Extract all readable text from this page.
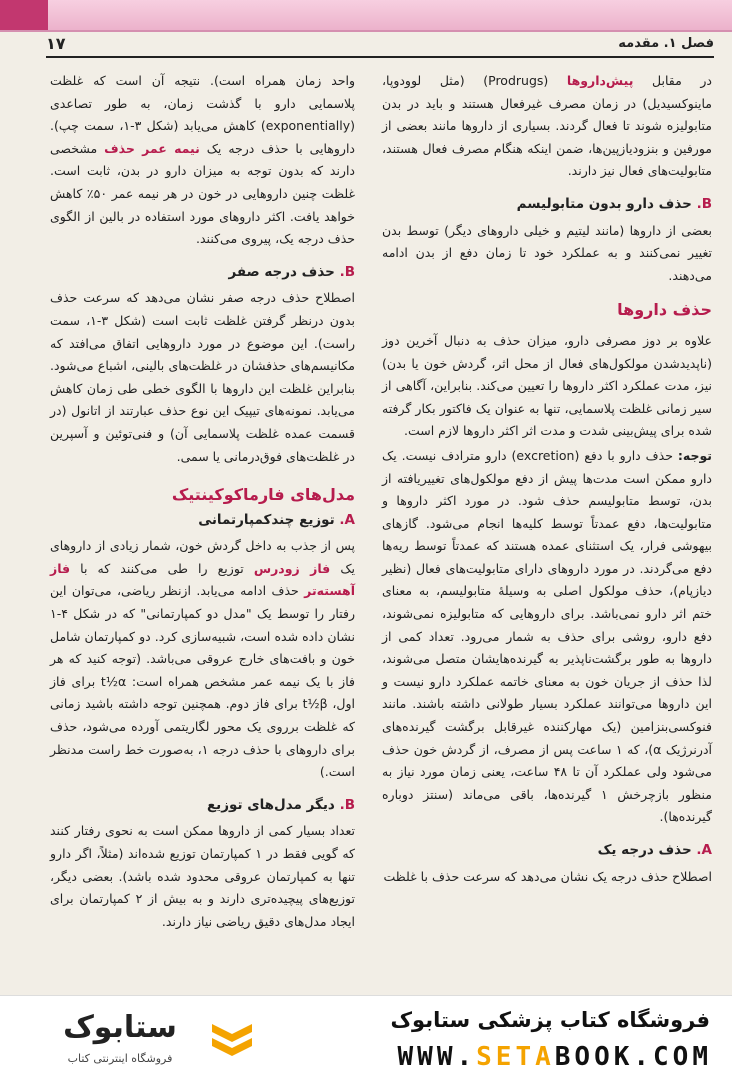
فصل ۱. مقدمه
۱۷

در مقابل پیش‌داروها (Prodrugs) (مثل لوودوپا، ماینوکسیدیل) در زمان مصرف غیرفعال هستند و باید در بدن متابولیزه شوند تا فعال گردند. بسیاری از داروها مانند بعضی از مورفین و بنزودیازپین‌ها، ضمن اینکه هنگام مصرف فعال هستند، متابولیت‌های فعال نیز دارند.

B. حذف دارو بدون متابولیسم

بعضی از داروها (مانند لیتیم و خیلی داروهای دیگر) توسط بدن تغییر نمی‌کنند و به عملکرد خود تا زمان دفع از بدن ادامه می‌دهند.

حذف داروها

علاوه بر دوز مصرفی دارو، میزان حذف به دنبال آخرین دوز (ناپدیدشدن مولکول‌های فعال از محل اثر، گردش خون یا بدن) نیز، مدت عملکرد اکثر داروها را تعیین می‌کند. بنابراین، آگاهی از سیر زمانی غلظت پلاسمایی، تنها به عنوان یک فاکتور بکار گرفته شده برای پیش‌بینی شدت و مدت اثر اکثر داروها لازم است.

توجه: حذف دارو با دفع (excretion) دارو مترادف نیست. یک دارو ممکن است مدت‌ها پیش از دفع مولکول‌های تغییریافته از بدن، توسط متابولیسم حذف شود. در مورد اکثر داروها و متابولیت‌ها، دفع عمدتاً توسط کلیه‌ها انجام می‌شود. گازهای بیهوشی فرار، یک استثنای عمده هستند که عمدتاً توسط ریه‌ها دفع می‌گردند. در مورد داروهای دارای متابولیت‌های فعال (نظیر دیازپام)، حذف مولکول اصلی به وسیلهٔ متابولیسم، به معنای ختم اثر دارو نمی‌باشد. برای داروهایی که متابولیزه نمی‌شوند، دفع دارو، روشی برای حذف به شمار می‌رود. تعداد کمی از داروها به طور برگشت‌ناپذیر به گیرنده‌هایشان متصل می‌شوند، لذا حذف از جریان خون به معنای خاتمه عملکرد دارو نیست و این داروها می‌توانند عملکرد بسیار طولانی داشته باشند. مانند فنوکسی‌بنزامین (یک مهارکننده غیرقابل برگشت گیرنده‌های آدرنرژیک α)، که ۱ ساعت پس از مصرف، از گردش خون حذف می‌شود ولی عملکرد آن تا ۴۸ ساعت، یعنی زمان مورد نیاز به منظور بازچرخش ۱ گیرنده‌ها، باقی می‌ماند (سنتز دوباره گیرنده‌ها).

A. حذف درجه یک

اصطلاح حذف درجه یک نشان می‌دهد که سرعت حذف با غلظت

واحد زمان همراه است). نتیجه آن است که غلظت پلاسمایی دارو با گذشت زمان، به طور تصاعدی (exponentially) کاهش می‌یابد (شکل ۳-۱، سمت چپ). داروهایی با حذف درجه یک نیمه عمر حذف مشخصی دارند که بدون توجه به میزان دارو در بدن، ثابت است. غلظت چنین داروهایی در خون در هر نیمه عمر ۵۰٪ کاهش خواهد یافت. اکثر داروهای مورد استفاده در بالین از الگوی حذف درجه یک، پیروی می‌کنند.

B. حذف درجه صفر

اصطلاح حذف درجه صفر نشان می‌دهد که سرعت حذف بدون درنظر گرفتن غلظت ثابت است (شکل ۳-۱، سمت راست). این موضوع در مورد داروهایی اتفاق می‌افتد که مکانیسم‌های حذفشان در غلظت‌های بالینی، اشباع می‌شود. بنابراین غلظت این داروها با الگوی خطی طی زمان کاهش می‌یابد. نمونه‌های تیپیک این نوع حذف عبارتند از اتانول (در قسمت عمده غلظت پلاسمایی آن) و فنی‌توئین و آسپرین در غلظت‌های فوق‌درمانی یا سمی.

مدل‌های فارماکوکینتیک
A. توزیع چندکمپارتمانی

پس از جذب به داخل گردش خون، شمار زیادی از داروهای یک فاز زودرس توزیع را طی می‌کنند که با فاز آهسته‌تر حذف ادامه می‌یابد. ازنظر ریاضی، می‌توان این رفتار را توسط یک "مدل دو کمپارتمانی" که در شکل ۴-۱ نشان داده شده است، شبیه‌سازی کرد. دو کمپارتمان شامل خون و بافت‌های خارج عروقی می‌باشد. (توجه کنید که هر فاز با یک نیمه عمر مشخص همراه است: t½α برای فاز اول، t½β برای فاز دوم. همچنین توجه داشته باشید زمانی که غلظت برروی یک محور لگاریتمی آورده می‌شود، حذف برای داروهای با حذف درجه ۱، به‌صورت خط راست مدنظر است.)

B. دیگر مدل‌های توزیع

تعداد بسیار کمی از داروها ممکن است به نحوی رفتار کنند که گویی فقط در ۱ کمپارتمان توزیع شده‌اند (مثلاً، اگر دارو تنها به کمپارتمان عروقی محدود شده باشد). بعضی دیگر، توزیع‌های پیچیده‌تری دارند و به بیش از ۲ کمپارتمان برای ایجاد مدل‌های دقیق ریاضی نیاز دارند.

ستابوک
فروشگاه اینترنتی کتاب
فروشگاه کتاب پزشکی ستابوک
WWW.SETABOOK.COM
